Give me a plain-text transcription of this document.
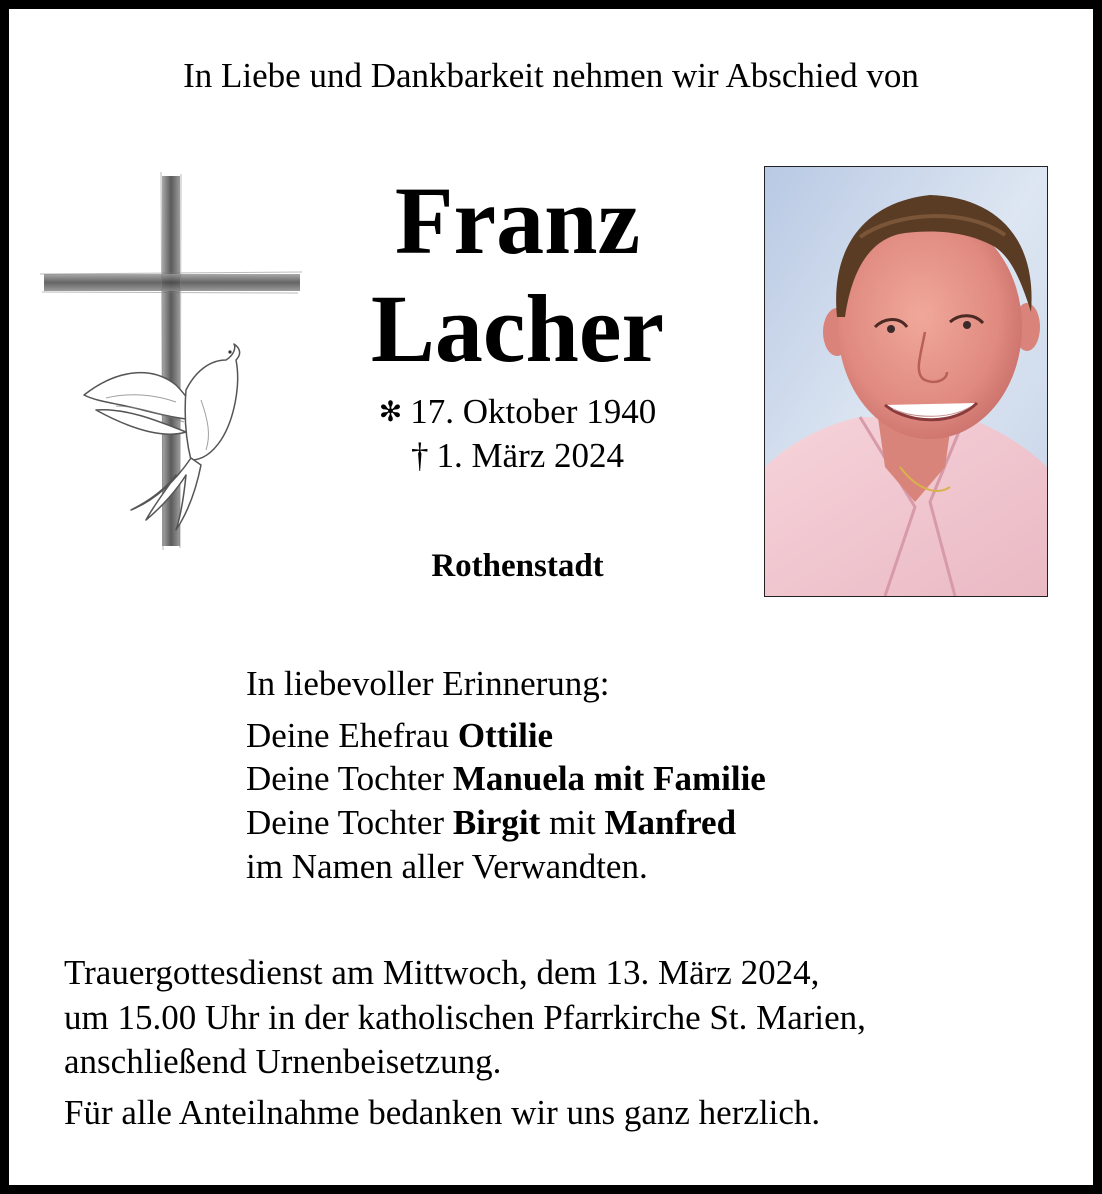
In Liebe und Dankbarkeit nehmen wir Abschied von
Franz
Lacher
✻ 17. Oktober 1940
† 1. März 2024
Rothenstadt
In liebevoller Erinnerung:
Deine Ehefrau Ottilie
Deine Tochter Manuela mit Familie
Deine Tochter Birgit mit Manfred
im Namen aller Verwandten.
Trauergottesdienst am Mittwoch, dem 13. März 2024,
um 15.00 Uhr in der katholischen Pfarrkirche St. Marien,
anschließend Urnenbeisetzung.
Für alle Anteilnahme bedanken wir uns ganz herzlich.
